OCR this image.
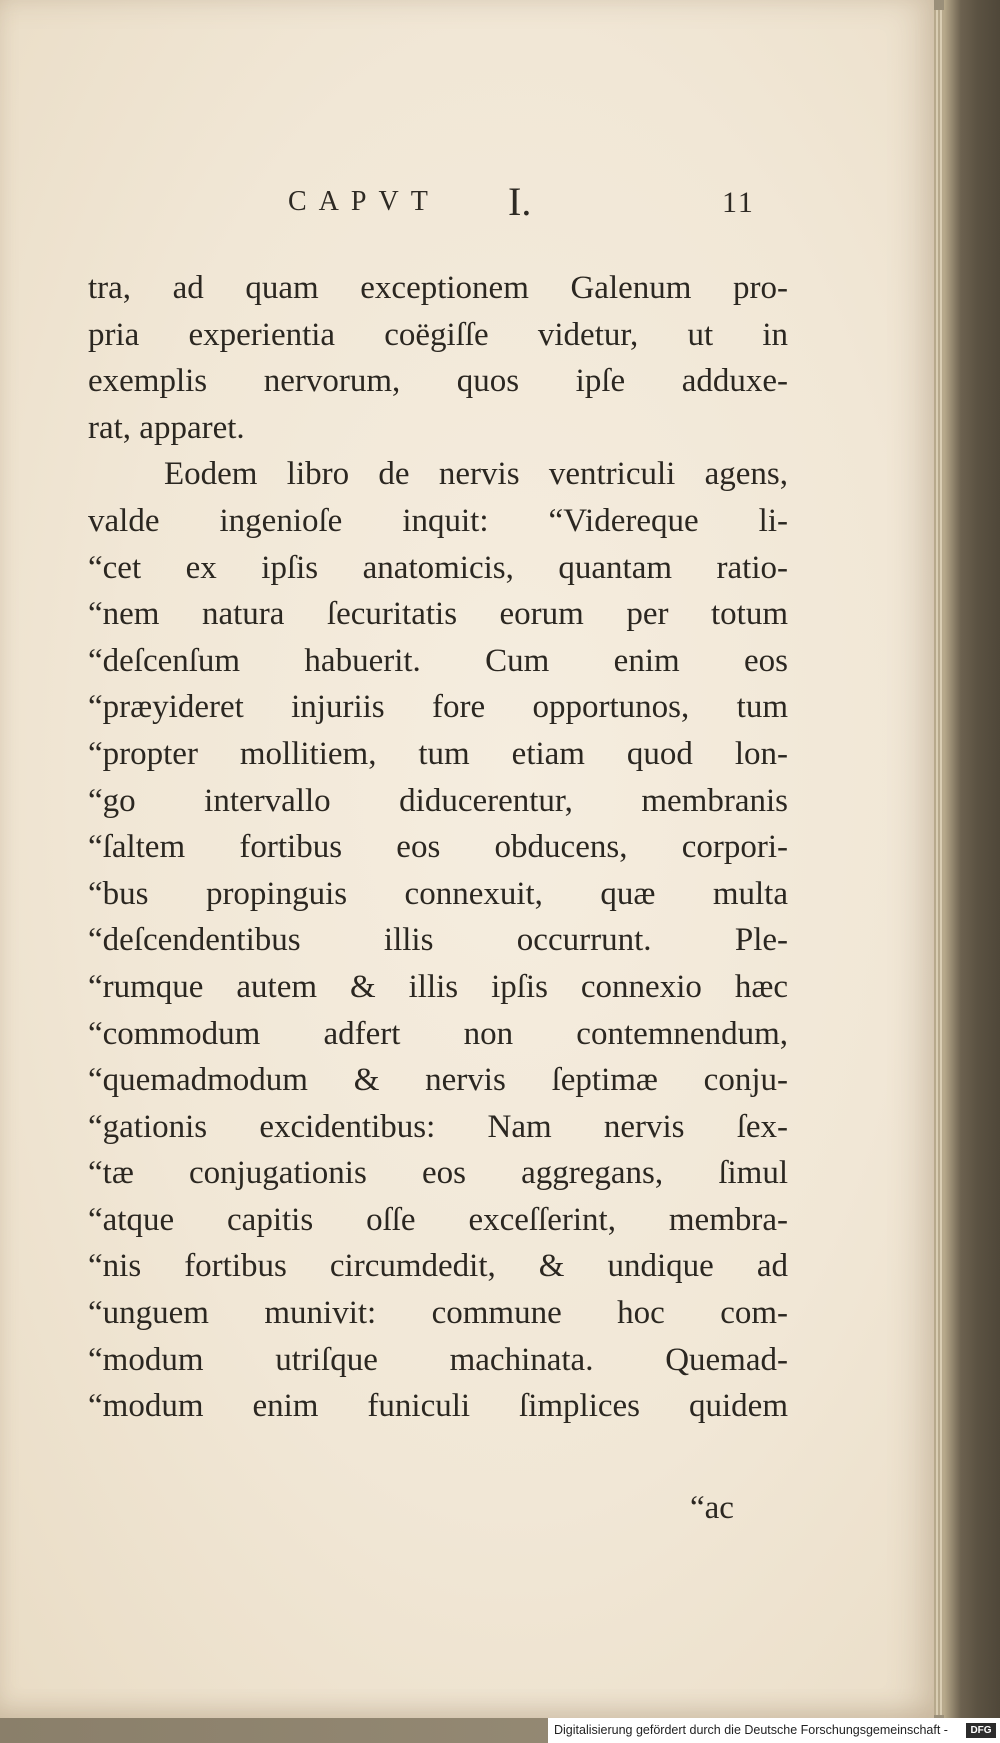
CAPVT I.	11
tra, ad quam exceptionem Galenum pro-
pria experientia coëgiſſe videtur, ut in
exemplis nervorum, quos ipſe adduxe-
rat, apparet.
Eodem libro de nervis ventriculi agens,
valde ingenioſe inquit: “Videreque li-
“cet ex ipſis anatomicis, quantam ratio-
“nem natura ſecuritatis eorum per totum
“deſcenſum habuerit. Cum enim eos
“præyideret injuriis fore opportunos, tum
“propter mollitiem, tum etiam quod lon-
“go intervallo diducerentur, membranis
“ſaltem fortibus eos obducens, corpori-
“bus propinguis connexuit, quæ multa
“deſcendentibus illis occurrunt. Ple-
“rumque autem & illis ipſis connexio hæc
“commodum adfert non contemnendum,
“quemadmodum & nervis ſeptimæ conju-
“gationis excidentibus: Nam nervis ſex-
“tæ conjugationis eos aggregans, ſimul
“atque capitis oſſe exceſſerint, membra-
“nis fortibus circumdedit, & undique ad
“unguem munivit: commune hoc com-
“modum utriſque machinata. Quemad-
“modum enim funiculi ſimplices quidem
“ac
Digitalisierung gefördert durch die Deutsche Forschungsgemeinschaft -	DFG
